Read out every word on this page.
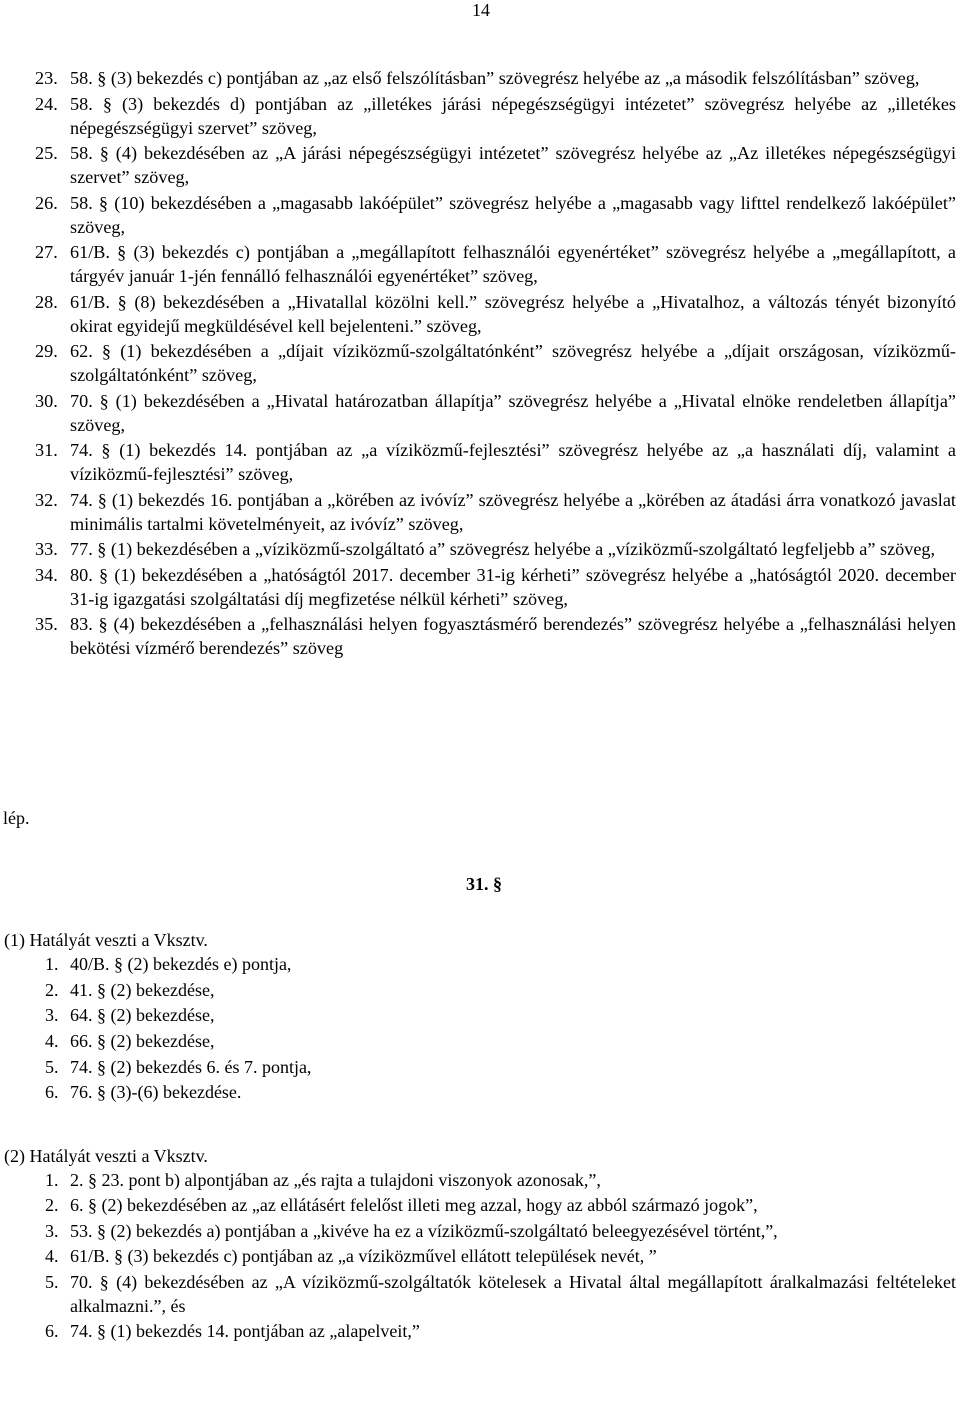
14
23. 58. § (3) bekezdés c) pontjában az „az első felszólításban” szövegrész helyébe az „a második felszólításban” szöveg,
24. 58. § (3) bekezdés d) pontjában az „illetékes járási népegészségügyi intézetet” szövegrész helyébe az „illetékes népegészségügyi szervet” szöveg,
25. 58. § (4) bekezdésében az „A járási népegészségügyi intézetet” szövegrész helyébe az „Az illetékes népegészségügyi szervet” szöveg,
26. 58. § (10) bekezdésében a „magasabb lakóépület” szövegrész helyébe a „magasabb vagy lifttel rendelkező lakóépület” szöveg,
27. 61/B. § (3) bekezdés c) pontjában a „megállapított felhasználói egyenértéket” szövegrész helyébe a „megállapított, a tárgyév január 1-jén fennálló felhasználói egyenértéket” szöveg,
28. 61/B. § (8) bekezdésében a „Hivatallal közölni kell.” szövegrész helyébe a „Hivatalhoz, a változás tényét bizonyító okirat egyidejű megküldésével kell bejelenteni.” szöveg,
29. 62. § (1) bekezdésében a „díjait víziközmű-szolgáltatónként” szövegrész helyébe a „díjait országosan, víziközmű-szolgáltatónként” szöveg,
30. 70. § (1) bekezdésében a „Hivatal határozatban állapítja” szövegrész helyébe a „Hivatal elnöke rendeletben állapítja” szöveg,
31. 74. § (1) bekezdés 14. pontjában az „a víziközmű-fejlesztési” szövegrész helyébe az „a használati díj, valamint a víziközmű-fejlesztési” szöveg,
32. 74. § (1) bekezdés 16. pontjában a „körében az ivóvíz” szövegrész helyébe a „körében az átadási árra vonatkozó javaslat minimális tartalmi követelményeit, az ivóvíz” szöveg,
33. 77. § (1) bekezdésében a „víziközmű-szolgáltató a” szövegrész helyébe a „víziközmű-szolgáltató legfeljebb a” szöveg,
34. 80. § (1) bekezdésében a „hatóságtól 2017. december 31-ig kérheti” szövegrész helyébe a „hatóságtól 2020. december 31-ig igazgatási szolgáltatási díj megfizetése nélkül kérheti” szöveg,
35. 83. § (4) bekezdésében a „felhasználási helyen fogyasztásmérő berendezés” szövegrész helyébe a „felhasználási helyen bekötési vízmérő berendezés” szöveg
lép.
31. §
(1) Hatályát veszti a Vksztv.
1. 40/B. § (2) bekezdés e) pontja,
2. 41. § (2) bekezdése,
3. 64. § (2) bekezdése,
4. 66. § (2) bekezdése,
5. 74. § (2) bekezdés 6. és 7. pontja,
6. 76. § (3)-(6) bekezdése.
(2) Hatályát veszti a Vksztv.
1. 2. § 23. pont b) alpontjában az „és rajta a tulajdoni viszonyok azonosak,”,
2. 6. § (2) bekezdésében az „az ellátásért felelőst illeti meg azzal, hogy az abból származó jogok”,
3. 53. § (2) bekezdés a) pontjában a „kivéve ha ez a víziközmű-szolgáltató beleegyezésével történt,”,
4. 61/B. § (3) bekezdés c) pontjában az „a víziközművel ellátott települések nevét, ”
5. 70. § (4) bekezdésében az „A víziközmű-szolgáltatók kötelesek a Hivatal által megállapított áralkalmazási feltételeket alkalmazni.”, és
6. 74. § (1) bekezdés 14. pontjában az „alapelveit,”
